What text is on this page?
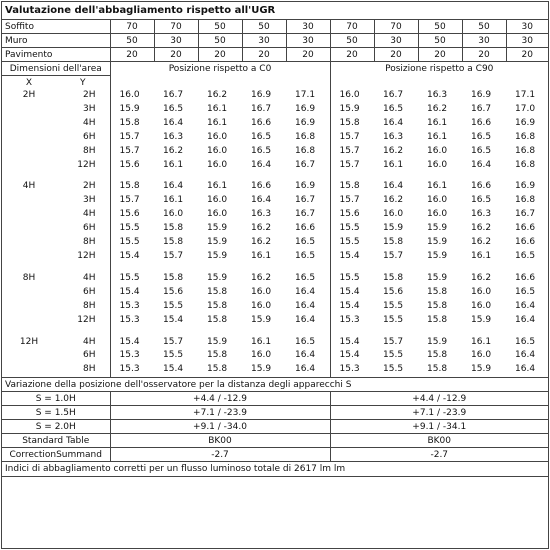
Valutazione dell'abbagliamento rispetto all'UGR											
Soffito		70	70	50	50	30	70	70	50	50	30
Muro		50	30	50	30	30	50	30	50	30	30
Pavimento		20	20	20	20	20	20	20	20	20	20
Dimensioni dell'area		Posizione rispetto a C0					Posizione rispetto a C90				
X	Y										
2H	2H	16.0	16.7	16.2	16.9	17.1	16.0	16.7	16.3	16.9	17.1
	3H	15.9	16.5	16.1	16.7	16.9	15.9	16.5	16.2	16.7	17.0
	4H	15.8	16.4	16.1	16.6	16.9	15.8	16.4	16.1	16.6	16.9
	6H	15.7	16.3	16.0	16.5	16.8	15.7	16.3	16.1	16.5	16.8
	8H	15.7	16.2	16.0	16.5	16.8	15.7	16.2	16.0	16.5	16.8
	12H	15.6	16.1	16.0	16.4	16.7	15.7	16.1	16.0	16.4	16.8

4H	2H	15.8	16.4	16.1	16.6	16.9	15.8	16.4	16.1	16.6	16.9
	3H	15.7	16.1	16.0	16.4	16.7	15.7	16.2	16.0	16.5	16.8
	4H	15.6	16.0	16.0	16.3	16.7	15.6	16.0	16.0	16.3	16.7
	6H	15.5	15.8	15.9	16.2	16.6	15.5	15.9	15.9	16.2	16.6
	8H	15.5	15.8	15.9	16.2	16.5	15.5	15.8	15.9	16.2	16.6
	12H	15.4	15.7	15.9	16.1	16.5	15.4	15.7	15.9	16.1	16.5

8H	4H	15.5	15.8	15.9	16.2	16.5	15.5	15.8	15.9	16.2	16.6
	6H	15.4	15.6	15.8	16.0	16.4	15.4	15.6	15.8	16.0	16.5
	8H	15.3	15.5	15.8	16.0	16.4	15.4	15.5	15.8	16.0	16.4
	12H	15.3	15.4	15.8	15.9	16.4	15.3	15.5	15.8	15.9	16.4

12H	4H	15.4	15.7	15.9	16.1	16.5	15.4	15.7	15.9	16.1	16.5
	6H	15.3	15.5	15.8	16.0	16.4	15.4	15.5	15.8	16.0	16.4
	8H	15.3	15.4	15.8	15.9	16.4	15.3	15.5	15.8	15.9	16.4
Variazione della posizione dell'osservatore per la distanza degli apparecchi S											
S = 1.0H		+4.4 / -12.9					+4.4 / -12.9				
S = 1.5H		+7.1 / -23.9					+7.1 / -23.9				
S = 2.0H		+9.1 / -34.0					+9.1 / -34.1				
Standard Table		BK00					BK00				
CorrectionSummand		-2.7					-2.7				
Indici di abbagliamento corretti per un flusso luminoso totale di 2617 lm lm											
